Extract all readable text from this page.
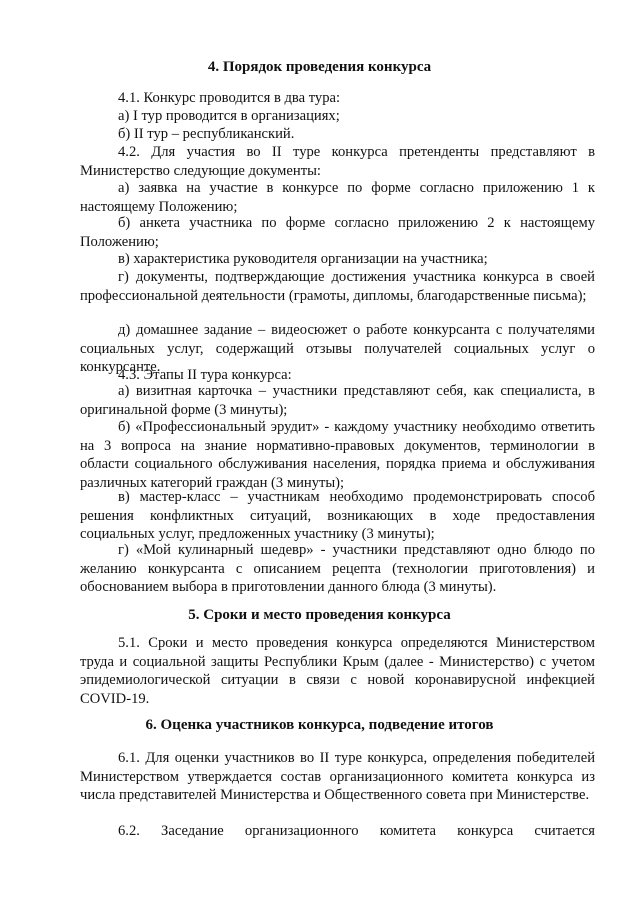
4. Порядок проведения конкурса

4.1. Конкурс проводится в два тура:

а) I тур проводится в организациях;

б) II тур – республиканский.

4.2. Для участия во II туре конкурса претенденты представляют в Министерство следующие документы:

а) заявка на участие в конкурсе по форме согласно приложению 1 к настоящему Положению;

б) анкета участника по форме согласно приложению 2 к настоящему Положению;

в) характеристика руководителя организации на участника;

г) документы, подтверждающие достижения участника конкурса в своей профессиональной деятельности (грамоты, дипломы, благодарственные письма);

д) домашнее задание – видеосюжет о работе конкурсанта с получателями социальных услуг, содержащий отзывы получателей социальных услуг о конкурсанте.

4.3. Этапы II тура конкурса:

а) визитная карточка – участники представляют себя, как специалиста, в оригинальной форме (3 минуты);

б) «Профессиональный эрудит» - каждому участнику необходимо ответить на 3 вопроса на знание нормативно-правовых документов, терминологии в области социального обслуживания населения, порядка приема и обслуживания различных категорий граждан (3 минуты);

в) мастер-класс – участникам необходимо продемонстрировать способ решения конфликтных ситуаций, возникающих в ходе предоставления социальных услуг, предложенных участнику (3 минуты);

г) «Мой кулинарный шедевр» - участники представляют одно блюдо по желанию конкурсанта с описанием рецепта (технологии приготовления) и обоснованием выбора в приготовлении данного блюда (3 минуты).

5. Сроки и место проведения конкурса

5.1. Сроки и место проведения конкурса определяются Министерством труда и социальной защиты Республики Крым (далее - Министерство) с учетом эпидемиологической ситуации в связи с новой коронавирусной инфекцией COVID-19.

6. Оценка участников конкурса, подведение итогов

6.1. Для оценки участников во II туре конкурса, определения победителей Министерством утверждается состав организационного комитета конкурса из числа представителей Министерства и Общественного совета при Министерстве.

6.2. Заседание организационного комитета конкурса считается
